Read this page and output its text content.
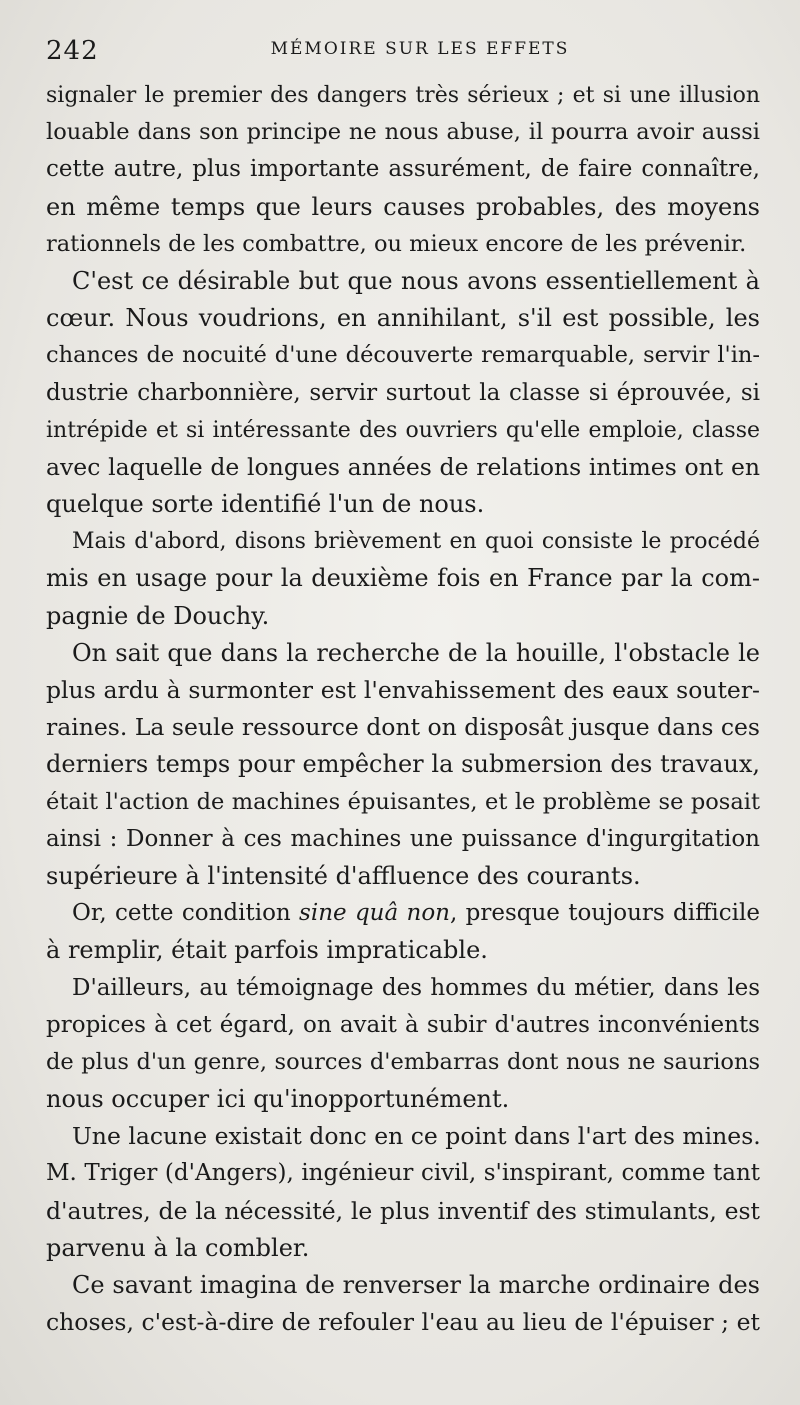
242	MÉMOIRE SUR LES EFFETS
signaler le premier des dangers très sérieux ; et si une illusion
louable dans son principe ne nous abuse, il pourra avoir aussi
cette autre, plus importante assurément, de faire connaître,
en même temps que leurs causes probables, des moyens
rationnels de les combattre, ou mieux encore de les prévenir.
C'est ce désirable but que nous avons essentiellement à
cœur. Nous voudrions, en annihilant, s'il est possible, les
chances de nocuité d'une découverte remarquable, servir l'in-
dustrie charbonnière, servir surtout la classe si éprouvée, si
intrépide et si intéressante des ouvriers qu'elle emploie, classe
avec laquelle de longues années de relations intimes ont en
quelque sorte identifié l'un de nous.
Mais d'abord, disons brièvement en quoi consiste le procédé
mis en usage pour la deuxième fois en France par la com-
pagnie de Douchy.
On sait que dans la recherche de la houille, l'obstacle le
plus ardu à surmonter est l'envahissement des eaux souter-
raines. La seule ressource dont on disposât jusque dans ces
derniers temps pour empêcher la submersion des travaux,
était l'action de machines épuisantes, et le problème se posait
ainsi : Donner à ces machines une puissance d'ingurgitation
supérieure à l'intensité d'affluence des courants.
Or, cette condition sine quâ non, presque toujours difficile
à remplir, était parfois impraticable.
D'ailleurs, au témoignage des hommes du métier, dans les
propices à cet égard, on avait à subir d'autres inconvénients
de plus d'un genre, sources d'embarras dont nous ne saurions
nous occuper ici qu'inopportunément.
Une lacune existait donc en ce point dans l'art des mines.
M. Triger (d'Angers), ingénieur civil, s'inspirant, comme tant
d'autres, de la nécessité, le plus inventif des stimulants, est
parvenu à la combler.
Ce savant imagina de renverser la marche ordinaire des
choses, c'est-à-dire de refouler l'eau au lieu de l'épuiser ; et
